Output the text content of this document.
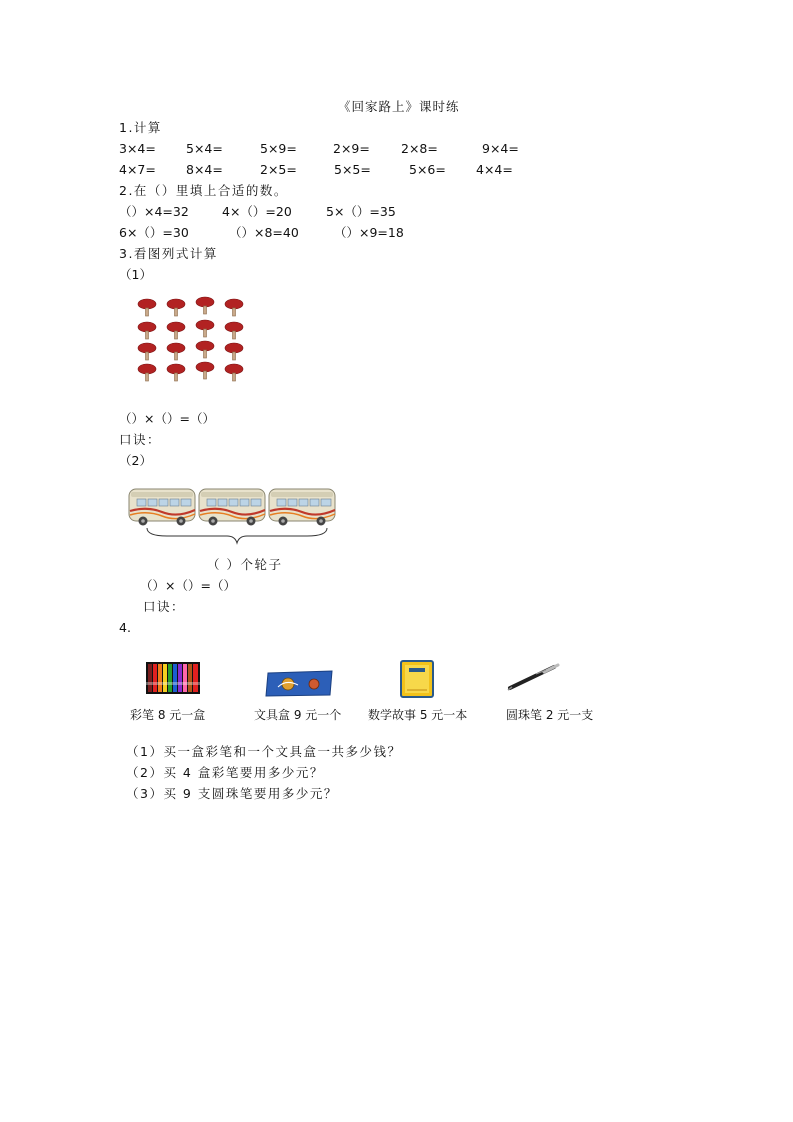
《回家路上》课时练
1.计算
3×4= 5×4=	5×9=	2×9= 2×8=	9×4=
4×7= 8×4=	2×5=	5×5=	5×6= 4×4=
2.在（）里填上合适的数。
（）×4=32	4×（）=20	5×（）=35
6×（）=30	（）×8=40	（）×9=18
3.看图列式计算
（1）
（）×（）=（）
口诀：
（2）
（ ）个轮子
（）×（）=（）
口诀：
4.
彩笔 8 元一盒	文具盒 9 元一个 数学故事 5 元一本	圆珠笔 2 元一支
（1）买一盒彩笔和一个文具盒一共多少钱？
（2）买 4 盒彩笔要用多少元？
（3）买 9 支圆珠笔要用多少元？
